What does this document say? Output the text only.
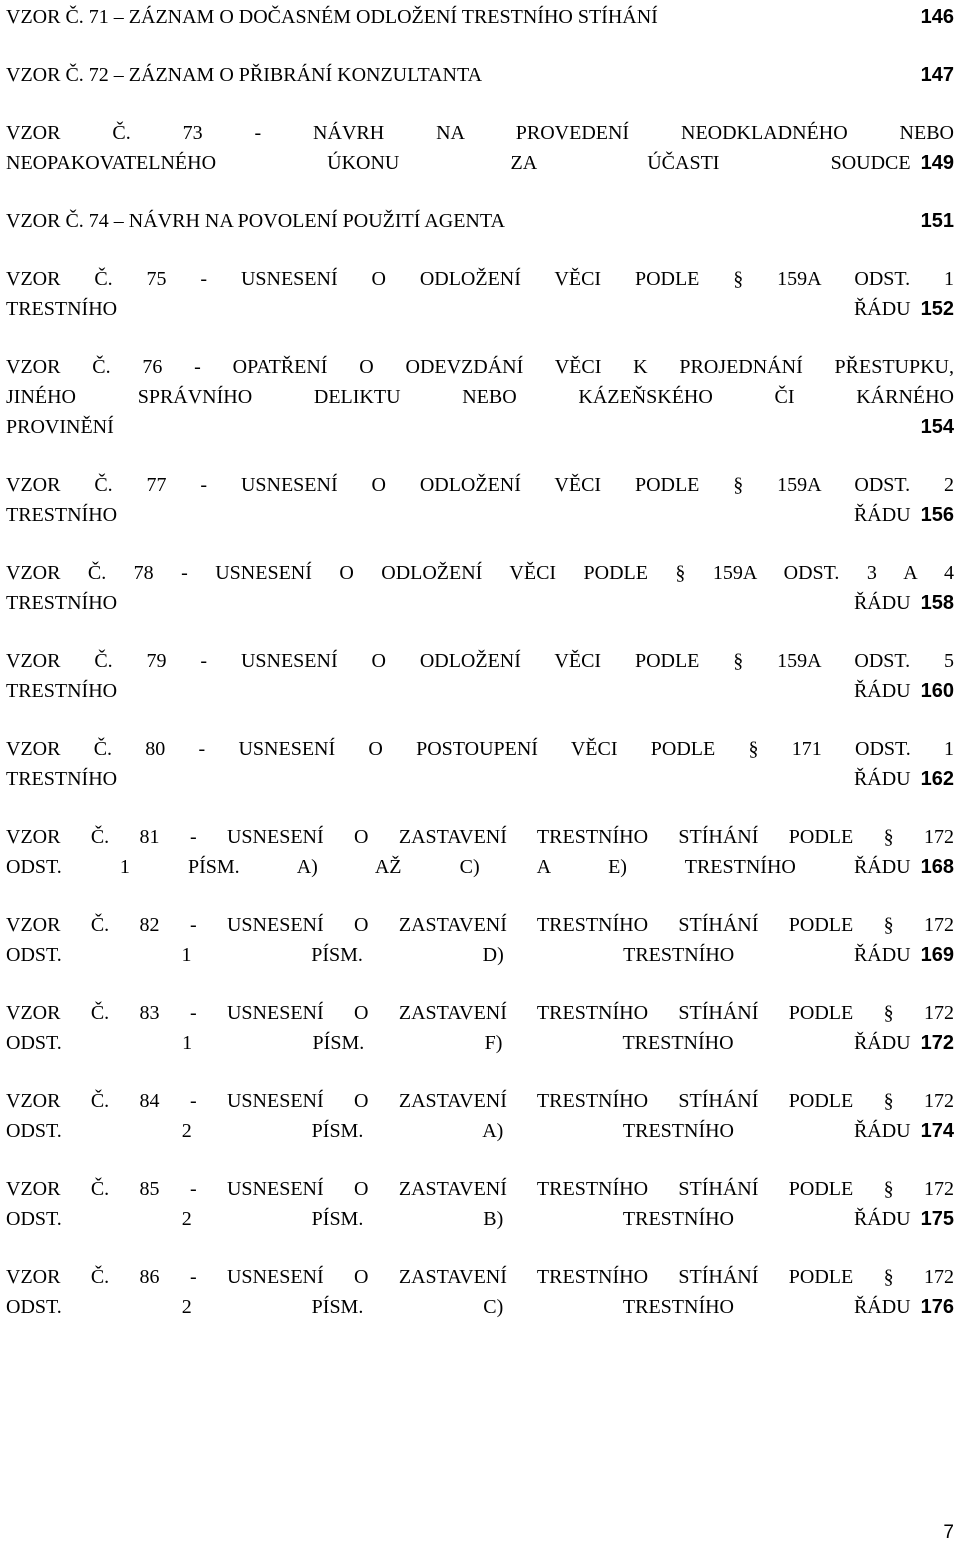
VZOR Č. 71 – ZÁZNAM O DOČASNÉM ODLOŽENÍ TRESTNÍHO STÍHÁNÍ	146
VZOR Č. 72 – ZÁZNAM O PŘIBRÁNÍ KONZULTANTA	147
VZOR Č. 73 - NÁVRH NA PROVEDENÍ NEODKLADNÉHO NEBO
NEOPAKOVATELNÉHO ÚKONU ZA ÚČASTI SOUDCE 149
VZOR Č. 74 – NÁVRH NA POVOLENÍ POUŽITÍ AGENTA	151
VZOR Č. 75 - USNESENÍ O ODLOŽENÍ VĚCI PODLE § 159A ODST. 1
TRESTNÍHO ŘÁDU 152
VZOR Č. 76 - OPATŘENÍ O ODEVZDÁNÍ VĚCI K PROJEDNÁNÍ PŘESTUPKU,
JINÉHO SPRÁVNÍHO DELIKTU NEBO KÁZEŇSKÉHO ČI KÁRNÉHO
PROVINĚNÍ	154
VZOR Č. 77 - USNESENÍ O ODLOŽENÍ VĚCI PODLE § 159A ODST. 2
TRESTNÍHO ŘÁDU 156
VZOR Č. 78 - USNESENÍ O ODLOŽENÍ VĚCI PODLE § 159A ODST. 3 A 4
TRESTNÍHO ŘÁDU 158
VZOR Č. 79 - USNESENÍ O ODLOŽENÍ VĚCI PODLE § 159A ODST. 5
TRESTNÍHO ŘÁDU 160
VZOR Č. 80 - USNESENÍ O POSTOUPENÍ VĚCI PODLE § 171 ODST. 1
TRESTNÍHO ŘÁDU 162
VZOR Č. 81 - USNESENÍ O ZASTAVENÍ TRESTNÍHO STÍHÁNÍ PODLE § 172
ODST. 1 PÍSM. A) AŽ C) A E) TRESTNÍHO ŘÁDU 168
VZOR Č. 82 - USNESENÍ O ZASTAVENÍ TRESTNÍHO STÍHÁNÍ PODLE § 172
ODST. 1 PÍSM. D) TRESTNÍHO ŘÁDU 169
VZOR Č. 83 - USNESENÍ O ZASTAVENÍ TRESTNÍHO STÍHÁNÍ PODLE § 172
ODST. 1 PÍSM. F) TRESTNÍHO ŘÁDU 172
VZOR Č. 84 - USNESENÍ O ZASTAVENÍ TRESTNÍHO STÍHÁNÍ PODLE § 172
ODST. 2 PÍSM. A) TRESTNÍHO ŘÁDU 174
VZOR Č. 85 - USNESENÍ O ZASTAVENÍ TRESTNÍHO STÍHÁNÍ PODLE § 172
ODST. 2 PÍSM. B) TRESTNÍHO ŘÁDU 175
VZOR Č. 86 - USNESENÍ O ZASTAVENÍ TRESTNÍHO STÍHÁNÍ PODLE § 172
ODST. 2 PÍSM. C) TRESTNÍHO ŘÁDU 176
7
